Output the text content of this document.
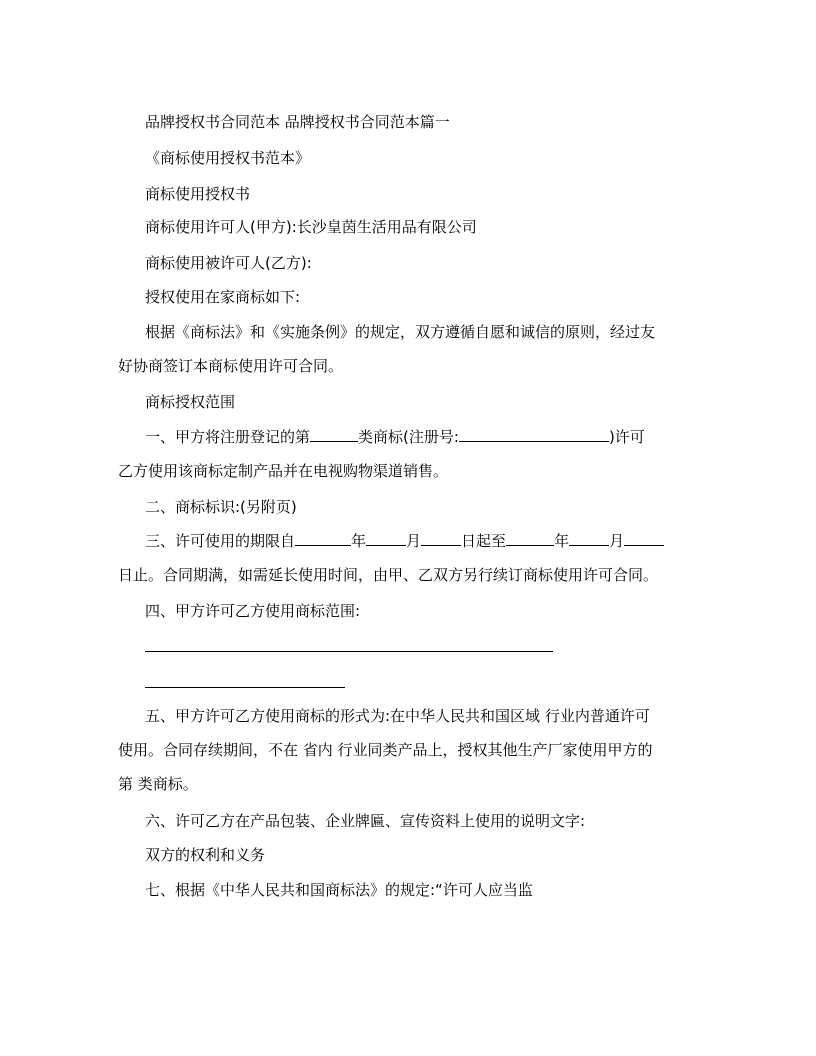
品牌授权书合同范本 品牌授权书合同范本篇一
《商标使用授权书范本》
商标使用授权书
商标使用许可人(甲方):长沙皇茵生活用品有限公司
商标使用被许可人(乙方):
授权使用在家商标如下:
根据《商标法》和《实施条例》的规定，双方遵循自愿和诚信的原则，经过友
好协商签订本商标使用许可合同。
商标授权范围
一、甲方将注册登记的第	类商标(注册号:	)许可
乙方使用该商标定制产品并在电视购物渠道销售。
二、商标标识:(另附页)
三、许可使用的期限自	年	月	日起至	年	月
日止。合同期满，如需延长使用时间，由甲、乙双方另行续订商标使用许可合同。
四、甲方许可乙方使用商标范围:
五、甲方许可乙方使用商标的形式为:在中华人民共和国区域 行业内普通许可
使用。合同存续期间，不在 省内 行业同类产品上，授权其他生产厂家使用甲方的
第 类商标。
六、许可乙方在产品包装、企业牌匾、宣传资料上使用的说明文字:
双方的权利和义务
七、根据《中华人民共和国商标法》的规定:“许可人应当监
